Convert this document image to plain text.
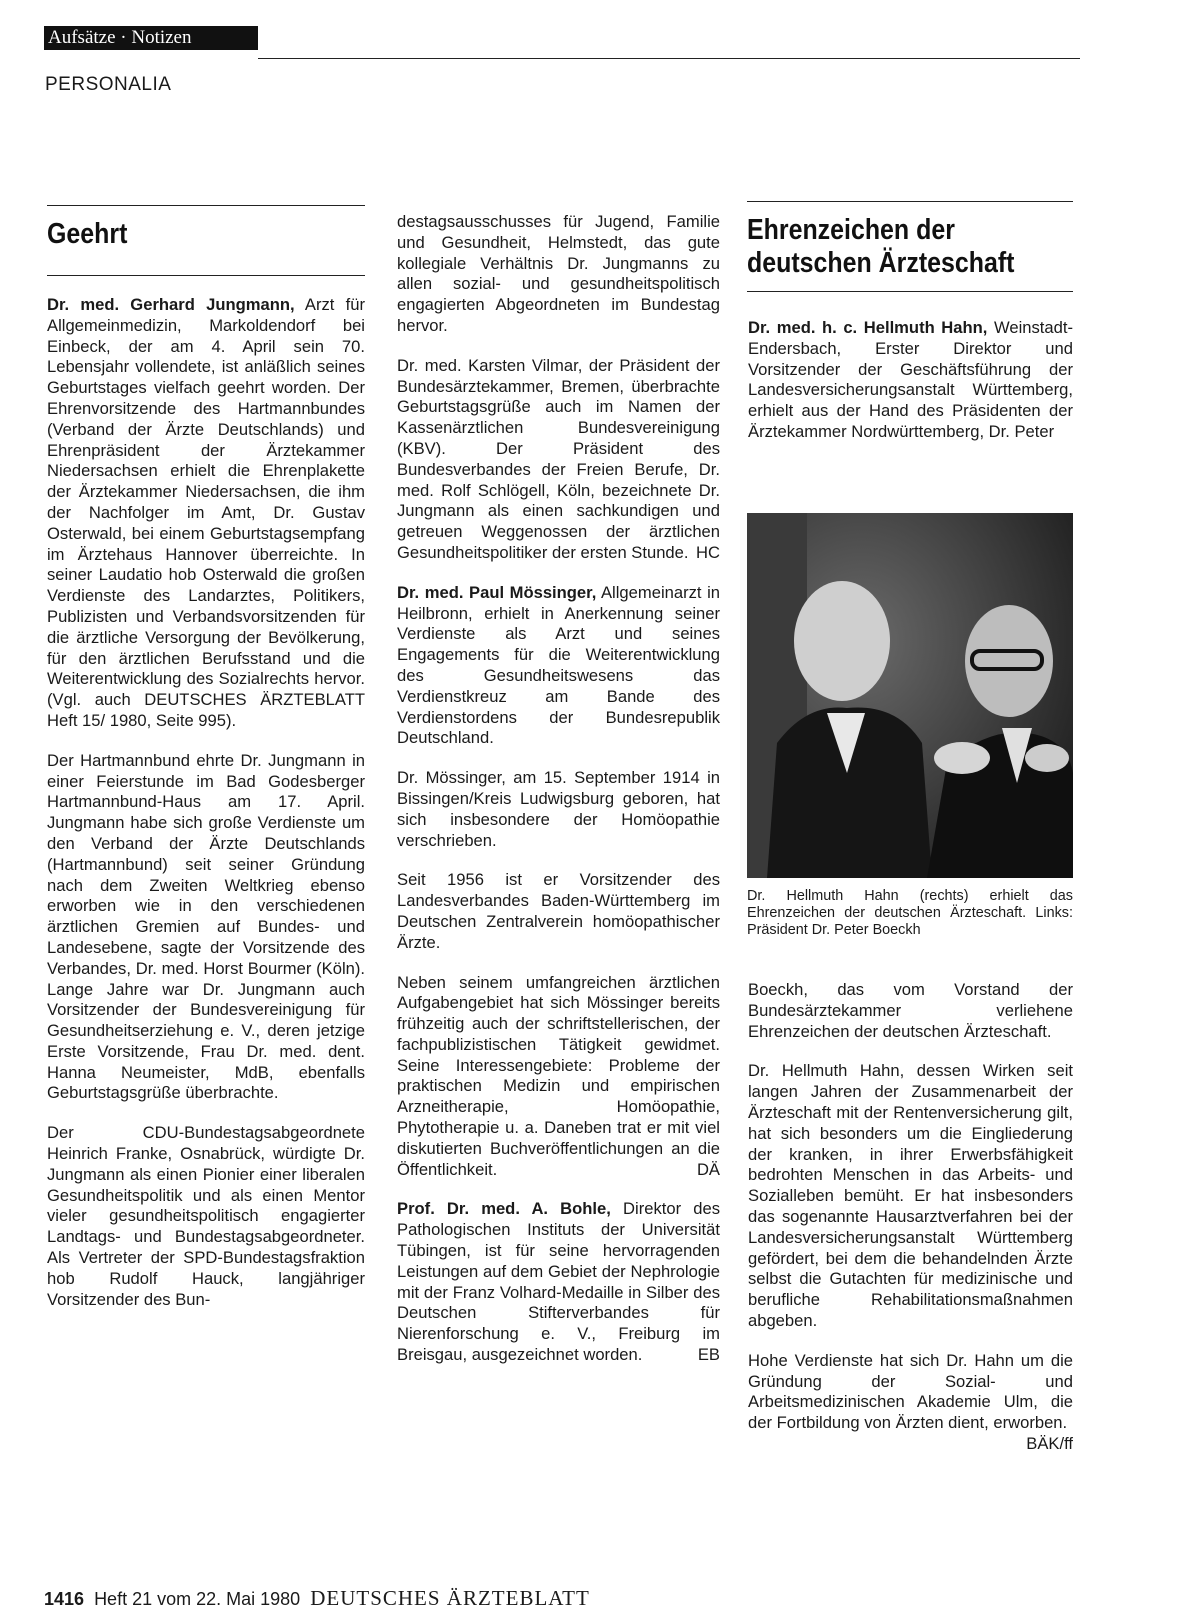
Aufsätze · Notizen
PERSONALIA
Geehrt

Dr. med. Gerhard Jungmann, Arzt für Allgemeinmedizin, Markoldendorf bei Einbeck, der am 4. April sein 70. Lebensjahr vollendete, ist anläßlich seines Geburtstages vielfach geehrt worden. Der Ehrenvorsitzende des Hartmannbundes (Verband der Ärzte Deutschlands) und Ehrenpräsident der Ärztekammer Niedersachsen erhielt die Ehrenplakette der Ärztekammer Niedersachsen, die ihm der Nachfolger im Amt, Dr. Gustav Osterwald, bei einem Geburtstagsempfang im Ärztehaus Hannover überreichte. In seiner Laudatio hob Osterwald die großen Verdienste des Landarztes, Politikers, Publizisten und Verbandsvorsitzenden für die ärztliche Versorgung der Bevölkerung, für den ärztlichen Berufsstand und die Weiterentwicklung des Sozialrechts hervor. (Vgl. auch DEUTSCHES ÄRZTEBLATT Heft 15/ 1980, Seite 995).

Der Hartmannbund ehrte Dr. Jungmann in einer Feierstunde im Bad Godesberger Hartmannbund-Haus am 17. April. Jungmann habe sich große Verdienste um den Verband der Ärzte Deutschlands (Hartmannbund) seit seiner Gründung nach dem Zweiten Weltkrieg ebenso erworben wie in den verschiedenen ärztlichen Gremien auf Bundes- und Landesebene, sagte der Vorsitzende des Verbandes, Dr. med. Horst Bourmer (Köln). Lange Jahre war Dr. Jungmann auch Vorsitzender der Bundesvereinigung für Gesundheitserziehung e. V., deren jetzige Erste Vorsitzende, Frau Dr. med. dent. Hanna Neumeister, MdB, ebenfalls Geburtstagsgrüße überbrachte.

Der CDU-Bundestagsabgeordnete Heinrich Franke, Osnabrück, würdigte Dr. Jungmann als einen Pionier einer liberalen Gesundheitspolitik und als einen Mentor vieler gesundheitspolitisch engagierter Landtags- und Bundestagsabgeordneter. Als Vertreter der SPD-Bundestagsfraktion hob Rudolf Hauck, langjähriger Vorsitzender des Bun-

destagsausschusses für Jugend, Familie und Gesundheit, Helmstedt, das gute kollegiale Verhältnis Dr. Jungmanns zu allen sozial- und gesundheitspolitisch engagierten Abgeordneten im Bundestag hervor.

Dr. med. Karsten Vilmar, der Präsident der Bundesärztekammer, Bremen, überbrachte Geburtstagsgrüße auch im Namen der Kassenärztlichen Bundesvereinigung (KBV). Der Präsident des Bundesverbandes der Freien Berufe, Dr. med. Rolf Schlögell, Köln, bezeichnete Dr. Jungmann als einen sachkundigen und getreuen Weggenossen der ärztlichen Gesundheitspolitiker der ersten Stunde. HC

Dr. med. Paul Mössinger, Allgemeinarzt in Heilbronn, erhielt in Anerkennung seiner Verdienste als Arzt und seines Engagements für die Weiterentwicklung des Gesundheitswesens das Verdienstkreuz am Bande des Verdienstordens der Bundesrepublik Deutschland.

Dr. Mössinger, am 15. September 1914 in Bissingen/Kreis Ludwigsburg geboren, hat sich insbesondere der Homöopathie verschrieben.

Seit 1956 ist er Vorsitzender des Landesverbandes Baden-Württemberg im Deutschen Zentralverein homöopathischer Ärzte.

Neben seinem umfangreichen ärztlichen Aufgabengebiet hat sich Mössinger bereits frühzeitig auch der schriftstellerischen, der fachpublizistischen Tätigkeit gewidmet. Seine Interessengebiete: Probleme der praktischen Medizin und empirischen Arzneitherapie, Homöopathie, Phytotherapie u. a. Daneben trat er mit viel diskutierten Buchveröffentlichungen an die Öffentlichkeit.	DÄ

Prof. Dr. med. A. Bohle, Direktor des Pathologischen Instituts der Universität Tübingen, ist für seine hervorragenden Leistungen auf dem Gebiet der Nephrologie mit der Franz Volhard-Medaille in Silber des Deutschen Stifterverbandes für Nierenforschung e. V., Freiburg im Breisgau, ausgezeichnet worden.	EB

Ehrenzeichen der deutschen Ärzteschaft

Dr. med. h. c. Hellmuth Hahn, Weinstadt-Endersbach, Erster Direktor und Vorsitzender der Geschäftsführung der Landesversicherungsanstalt Württemberg, erhielt aus der Hand des Präsidenten der Ärztekammer Nordwürttemberg, Dr. Peter

Dr. Hellmuth Hahn (rechts) erhielt das Ehrenzeichen der deutschen Ärzteschaft. Links: Präsident Dr. Peter Boeckh

Boeckh, das vom Vorstand der Bundesärztekammer verliehene Ehrenzeichen der deutschen Ärzteschaft.

Dr. Hellmuth Hahn, dessen Wirken seit langen Jahren der Zusammenarbeit der Ärzteschaft mit der Rentenversicherung gilt, hat sich besonders um die Eingliederung der kranken, in ihrer Erwerbsfähigkeit bedrohten Menschen in das Arbeits- und Sozialleben bemüht. Er hat insbesonders das sogenannte Hausarztverfahren bei der Landesversicherungsanstalt Württemberg gefördert, bei dem die behandelnden Ärzte selbst die Gutachten für medizinische und berufliche Rehabilitationsmaßnahmen abgeben.

Hohe Verdienste hat sich Dr. Hahn um die Gründung der Sozial- und Arbeitsmedizinischen Akademie Ulm, die der Fortbildung von Ärzten dient, erworben.
BÄK/ff

1416 Heft 21 vom 22. Mai 1980 DEUTSCHES ÄRZTEBLATT
